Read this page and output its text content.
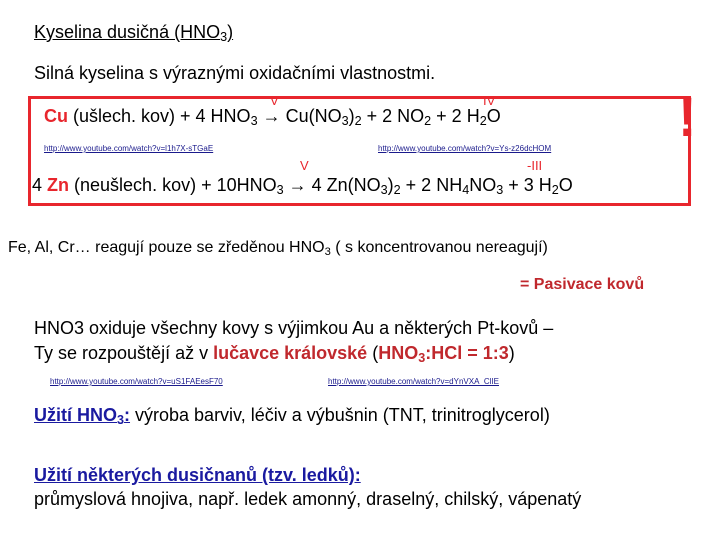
Kyselina dusičná $(HNO_3)$
Silná kyselina s výraznými oxidačními vlastnostmi.
!
V	IV
Cu (ušlech. kov) + 4 $HNO_3 \to Cu(NO_3)_2 + 2$ $NO_2 + 2$ $H_2O$
http://www.youtube.com/watch?v=l1h7X-sTGaE	http://www.youtube.com/watch?v=Ys-z26dcHOM
V	-III
4 Zn (neušlech. $kov) + 10HNO_3 \to 4$ $Zn(NO_3)_2 + 2$ $NH_4NO_3 + 3$ $H_2O$
Fe, Al, Cr… reagují pouze se zředěnou $HNO_3$ ( s koncentrovanou nereagují)
= Pasivace kovů
HNO3 oxiduje všechny kovy s výjimkou Au a některých Pt-kovů –
Ty se rozpouštějí až v lučavce královské ($HNO_3:HCl$ = 1:3)
http://www.youtube.com/watch?v=uS1FAEesF70	http://www.youtube.com/watch?v=dYnVXA_ClIE
Užití $HNO_3$: výroba barviv, léčiv a výbušnin (TNT, trinitroglycerol)
Užití některých dusičnanů (tzv. ledků):
průmyslová hnojiva, např. ledek amonný, draselný, chilský, vápenatý
